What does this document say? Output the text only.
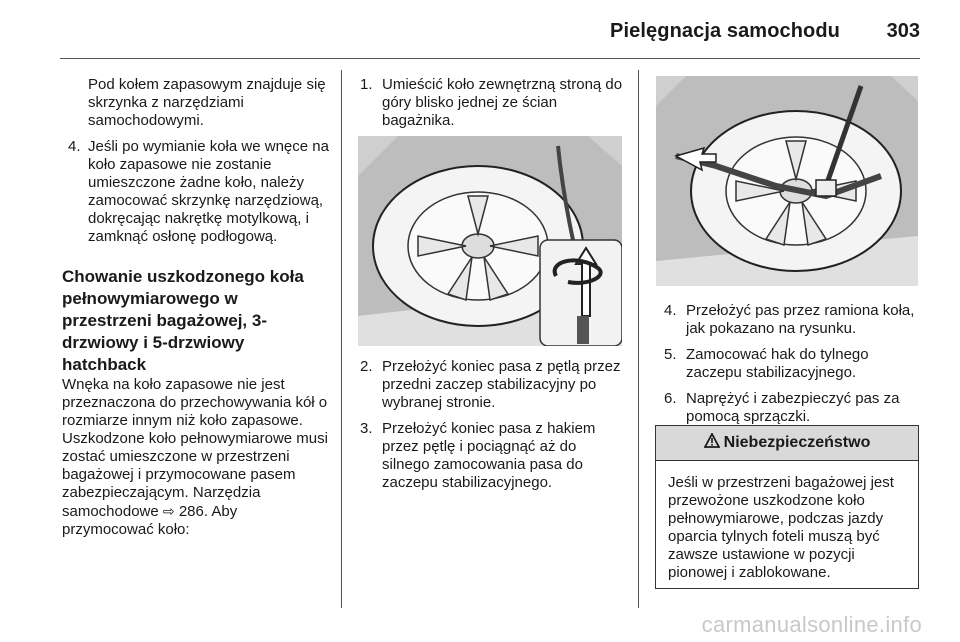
Pielęgnacja samochodu	303

Pod kołem zapasowym znajduje się skrzynka z narzędziami samochodowymi.

4. Jeśli po wymianie koła we wnęce na koło zapasowe nie zostanie umieszczone żadne koło, należy zamocować skrzynkę narzędziową, dokręcając nakrętkę motylkową, i zamknąć osłonę podłogową.

Chowanie uszkodzonego koła pełnowymiarowego w przestrzeni bagażowej, 3-drzwiowy i 5-drzwiowy hatchback

Wnęka na koło zapasowe nie jest przeznaczona do przechowywania kół o rozmiarze innym niż koło zapasowe. Uszkodzone koło pełnowymiarowe musi zostać umieszczone w przestrzeni bagażowej i przymocowane pasem zabezpieczającym. Narzędzia samochodowe ⇨ 286. Aby przymocować koło:

1. Umieścić koło zewnętrzną stroną do góry blisko jednej ze ścian bagażnika.
2. Przełożyć koniec pasa z pętlą przez przedni zaczep stabilizacyjny po wybranej stronie.
3. Przełożyć koniec pasa z hakiem przez pętlę i pociągnąć aż do silnego zamocowania pasa do zaczepu stabilizacyjnego.
4. Przełożyć pas przez ramiona koła, jak pokazano na rysunku.
5. Zamocować hak do tylnego zaczepu stabilizacyjnego.
6. Naprężyć i zabezpieczyć pas za pomocą sprzączki.
Niebezpieczeństwo
Jeśli w przestrzeni bagażowej jest przewożone uszkodzone koło pełnowymiarowe, podczas jazdy oparcia tylnych foteli muszą być zawsze ustawione w pozycji pionowej i zablokowane.
carmanualsonline.info
